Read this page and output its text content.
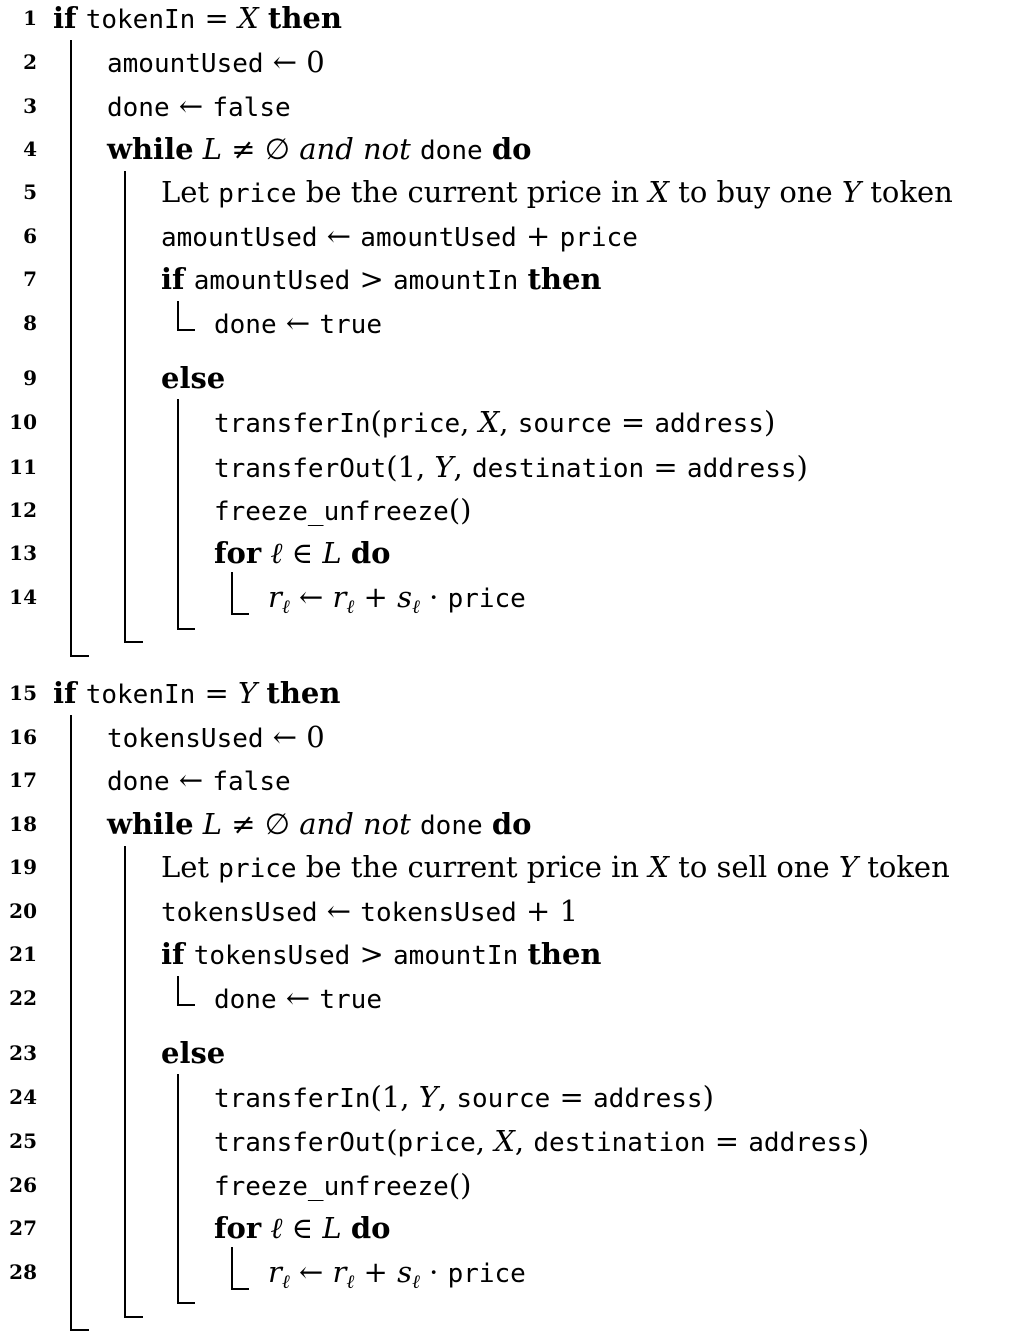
1 if tokenIn = X then
2	amountUsed ← 0
3	done ← false
4 while L ≠ ∅ and not done do
5	Let price be the current price in X to buy one Y token
6	amountUsed ← amountUsed + price
7	if amountUsed > amountIn then
8	done ← true
9	else
10	transferIn(price, X, source = address)
11	transferOut(1, Y, destination = address)
12	freeze_unfreeze()
13	for ℓ ∈ L do
14	$r_\ell$ ← $r_\ell + s_\ell$ · price
15 if tokenIn = Y then
16	tokensUsed ← 0
17	done ← false
18 while L ≠ ∅ and not done do
19	Let price be the current price in X to sell one Y token
20	tokensUsed ← tokensUsed + 1
21	if tokensUsed > amountIn then
22	done ← true
23	else
24	transferIn(1, Y, source = address)
25	transferOut(price, X, destination = address)
26	freeze_unfreeze()
27	for ℓ ∈ L do
28	$r_\ell$ ← $r_\ell + s_\ell$ · price
